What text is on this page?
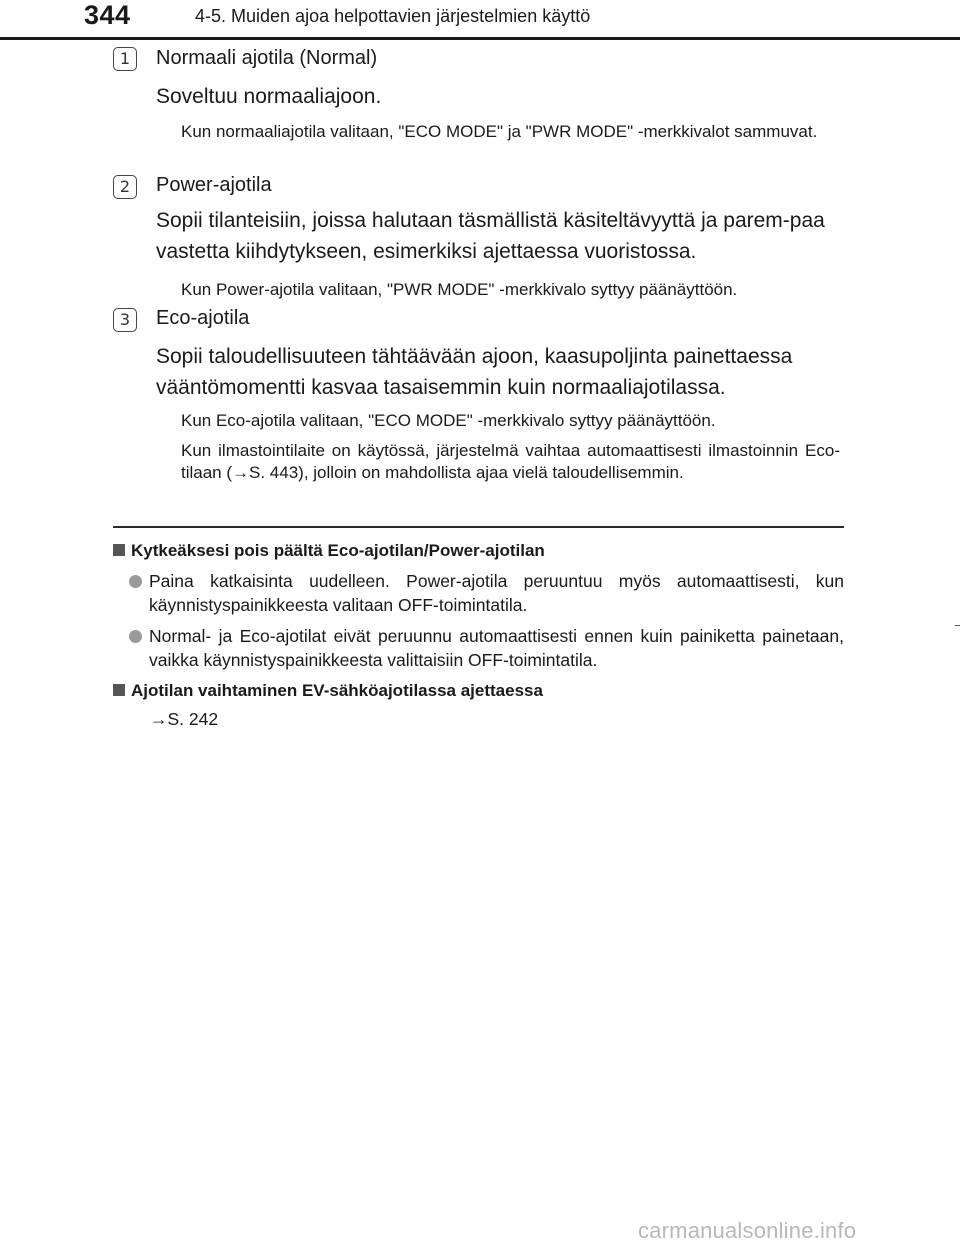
344	4-5. Muiden ajoa helpottavien järjestelmien käyttö
1	Normaali ajotila (Normal)
Soveltuu normaaliajoon.
Kun normaaliajotila valitaan, "ECO MODE" ja "PWR MODE" -merkkivalot sammuvat.
2	Power-ajotila
Sopii tilanteisiin, joissa halutaan täsmällistä käsiteltävyyttä ja parem-paa vastetta kiihdytykseen, esimerkiksi ajettaessa vuoristossa.
Kun Power-ajotila valitaan, "PWR MODE" -merkkivalo syttyy päänäyttöön.
3	Eco-ajotila
Sopii taloudellisuuteen tähtäävään ajoon, kaasupoljinta painettaessa vääntömomentti kasvaa tasaisemmin kuin normaaliajotilassa.
Kun Eco-ajotila valitaan, "ECO MODE" -merkkivalo syttyy päänäyttöön.
Kun ilmastointilaite on käytössä, järjestelmä vaihtaa automaattisesti ilmastoinnin Eco-tilaan (→S. 443), jolloin on mahdollista ajaa vielä taloudellisemmin.
Kytkeäksesi pois päältä Eco-ajotilan/Power-ajotilan
Paina katkaisinta uudelleen. Power-ajotila peruuntuu myös automaattisesti, kun käynnistyspainikkeesta valitaan OFF-toimintatila.
Normal- ja Eco-ajotilat eivät peruunnu automaattisesti ennen kuin painiketta painetaan, vaikka käynnistyspainikkeesta valittaisiin OFF-toimintatila.
Ajotilan vaihtaminen EV-sähköajotilassa ajettaessa
→S. 242
carmanualsonline.info
